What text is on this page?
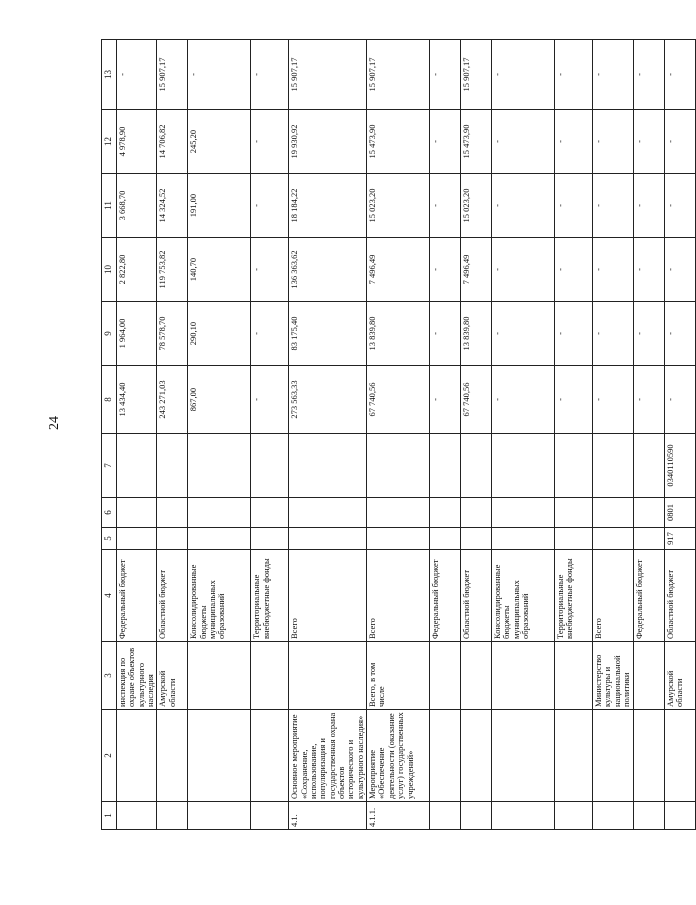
24
1	2	3	4	5	6	7	8	9	10	11	12	13
		инспекция по охране объектов культурного наследия	Федеральный бюджет				13 434,40	1 964,00	2 822,80	3 668,70	4 978,90	-
		Амурской области	Областной бюджет				243 271,03	78 578,70	119 753,82	14 324,52	14 706,82	15 907,17
			Консолидированные бюджеты муниципальных образований				867,00	290,10	140,70	191,00	245,20	-
			Территориальные внебюджетные фонды				-	-	-	-	-	-
4.1.	Основное мероприятие «Сохранение, использование, популяризация и государственная охрана объектов исторического и культурного наследия»		Всего				273 563,33	83 175,40	136 363,62	18 184,22	19 930,92	15 907,17
4.1.1.	Мероприятие «Обеспечение деятельности (оказание услуг) государственных учреждений»	Всего, в том числе	Всего				67 740,56	13 839,80	7 496,49	15 023,20	15 473,90	15 907,17
			Федеральный бюджет				-	-	-	-	-	-
			Областной бюджет				67 740,56	13 839,80	7 496,49	15 023,20	15 473,90	15 907,17
			Консолидированные бюджеты муниципальных образований				-	-	-	-	-	-
			Территориальные внебюджетные фонды				-	-	-	-	-	-
		Министерство культуры и национальной политики	Всего				-	-	-	-	-	-
			Федеральный бюджет				-	-	-	-	-	-
		Амурской области	Областной бюджет	917	0801	0340110590	-	-	-	-	-	-
